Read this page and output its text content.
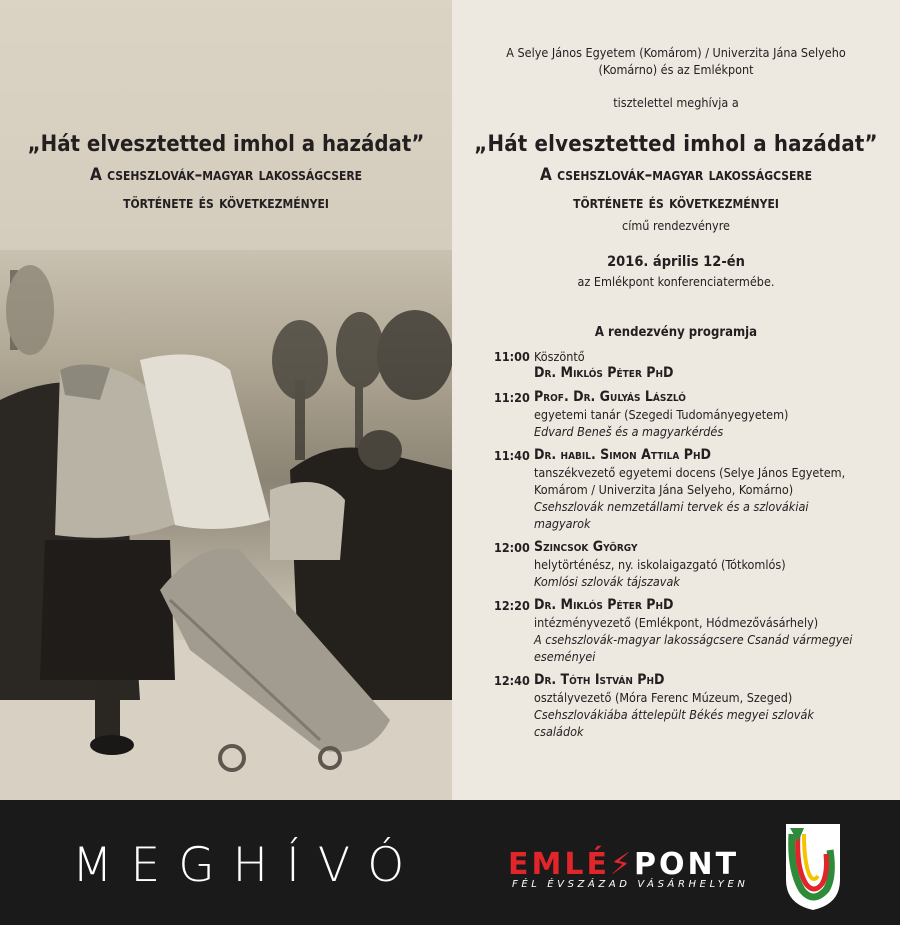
„Hát elvesztetted imhol a hazádat”
A csehszlovák–magyar lakosságcsere
története és következményei
A Selye János Egyetem (Komárom) / Univerzita Jána Selyeho
(Komárno) és az Emlékpont
tisztelettel meghívja a
„Hát elvesztetted imhol a hazádat”
A csehszlovák–magyar lakosságcsere
története és következményei
című rendezvényre
2016. április 12-én
az Emlékpont konferenciatermébe.
A rendezvény programja
11:00 Köszöntő
Dr. Miklós Péter PhD
11:20 Prof. Dr. Gulyás László
egyetemi tanár (Szegedi Tudományegyetem)
Edvard Beneš és a magyarkérdés
11:40 Dr. habil. Simon Attila PhD
tanszékvezető egyetemi docens (Selye János Egyetem,
Komárom / Univerzita Jána Selyeho, Komárno)
Csehszlovák nemzetállami tervek és a szlovákiai
magyarok
12:00 Szincsok György
helytörténész, ny. iskolaigazgató (Tótkomlós)
Komlósi szlovák tájszavak
12:20 Dr. Miklós Péter PhD
intézményvezető (Emlékpont, Hódmezővásárhely)
A csehszlovák-magyar lakosságcsere Csanád vármegyei
eseményei
12:40 Dr. Tóth István PhD
osztályvezető (Móra Ferenc Múzeum, Szeged)
Csehszlovákiába áttelepült Békés megyei szlovák
családok
MEGHÍVÓ	EMLÉ⚡PONT
FÉL ÉVSZÁZAD VÁSÁRHELYEN
